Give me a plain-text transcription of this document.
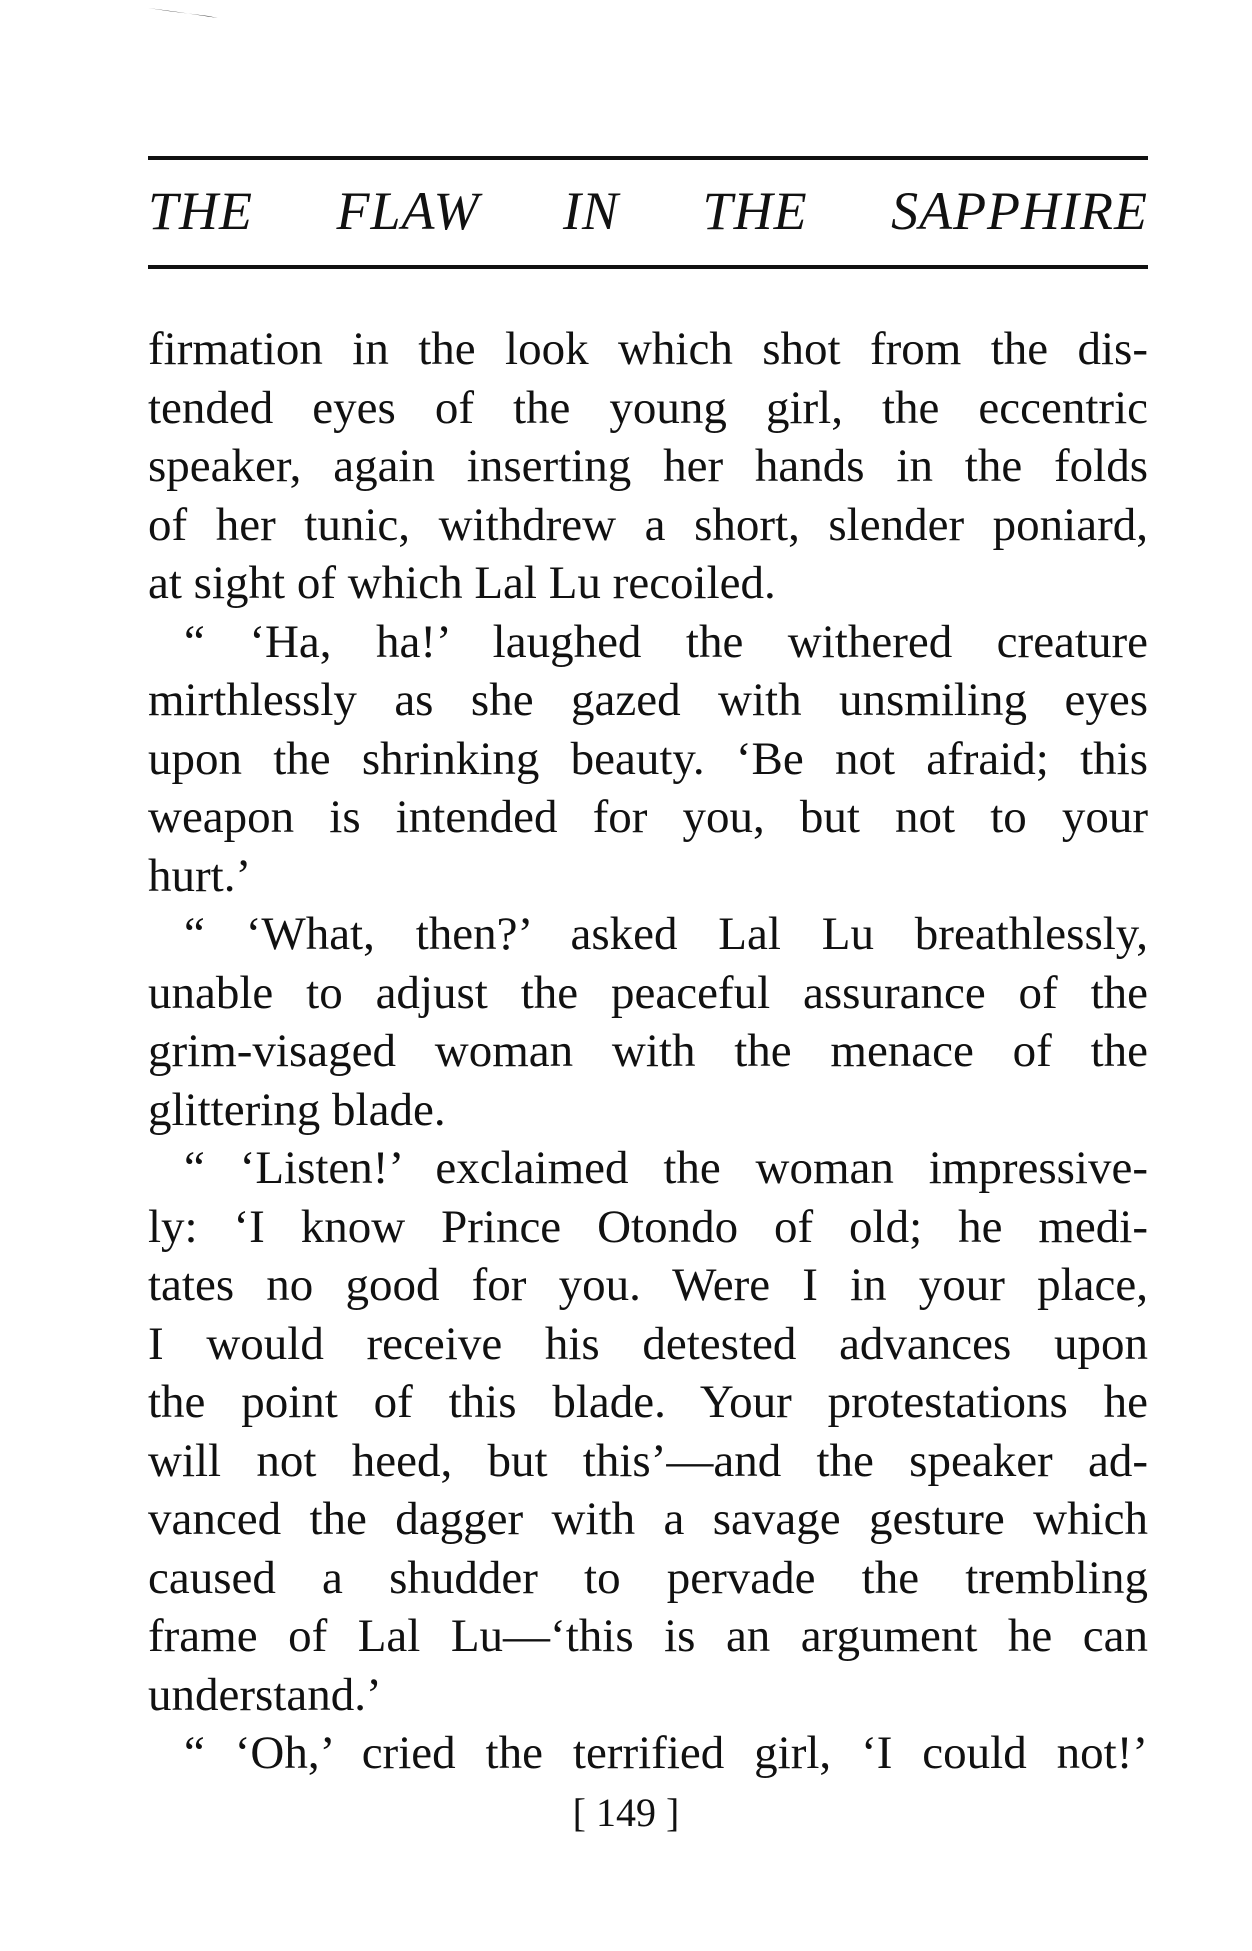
THE FLAW IN THE SAPPHIRE
firmation in the look which shot from the dis-
tended eyes of the young girl, the eccentric
speaker, again inserting her hands in the folds
of her tunic, withdrew a short, slender poniard,
at sight of which Lal Lu recoiled.
“ ‘Ha, ha!’ laughed the withered creature
mirthlessly as she gazed with unsmiling eyes
upon the shrinking beauty. ‘Be not afraid; this
weapon is intended for you, but not to your
hurt.’
“ ‘What, then?’ asked Lal Lu breathlessly,
unable to adjust the peaceful assurance of the
grim-visaged woman with the menace of the
glittering blade.
“ ‘Listen!’ exclaimed the woman impressive-
ly: ‘I know Prince Otondo of old; he medi-
tates no good for you. Were I in your place,
I would receive his detested advances upon
the point of this blade. Your protestations he
will not heed, but this’—and the speaker ad-
vanced the dagger with a savage gesture which
caused a shudder to pervade the trembling
frame of Lal Lu—‘this is an argument he can
understand.’
“ ‘Oh,’ cried the terrified girl, ‘I could not!’
[ 149 ]
